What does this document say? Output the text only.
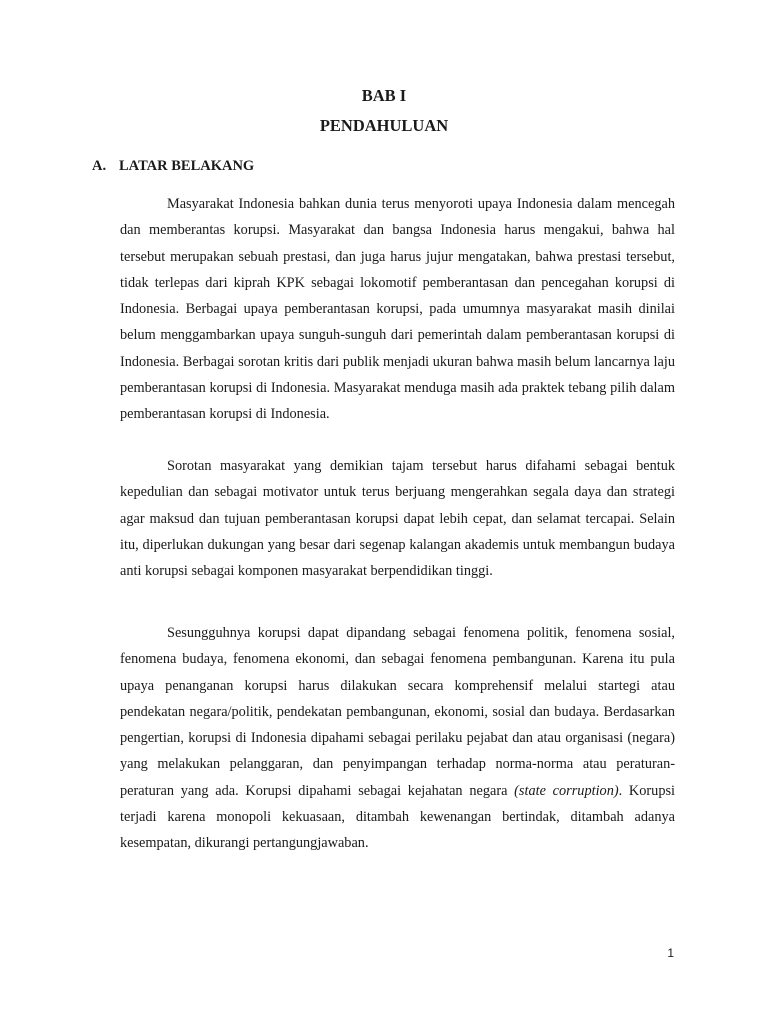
BAB I
PENDAHULUAN
A. LATAR BELAKANG

Masyarakat Indonesia bahkan dunia terus menyoroti upaya Indonesia dalam mencegah dan memberantas korupsi. Masyarakat dan bangsa Indonesia harus mengakui, bahwa hal tersebut merupakan sebuah prestasi, dan juga harus jujur mengatakan, bahwa prestasi tersebut, tidak terlepas dari kiprah KPK sebagai lokomotif pemberantasan dan pencegahan korupsi di Indonesia. Berbagai upaya pemberantasan korupsi, pada umumnya masyarakat masih dinilai belum menggambarkan upaya sunguh-sunguh dari pemerintah dalam pemberantasan korupsi di Indonesia. Berbagai sorotan kritis dari publik menjadi ukuran bahwa masih belum lancarnya laju pemberantasan korupsi di Indonesia. Masyarakat menduga masih ada praktek tebang pilih dalam pemberantasan korupsi di Indonesia.

Sorotan masyarakat yang demikian tajam tersebut harus difahami sebagai bentuk kepedulian dan sebagai motivator untuk terus berjuang mengerahkan segala daya dan strategi agar maksud dan tujuan pemberantasan korupsi dapat lebih cepat, dan selamat tercapai. Selain itu, diperlukan dukungan yang besar dari segenap kalangan akademis untuk membangun budaya anti korupsi sebagai komponen masyarakat berpendidikan tinggi.

Sesungguhnya korupsi dapat dipandang sebagai fenomena politik, fenomena sosial, fenomena budaya, fenomena ekonomi, dan sebagai fenomena pembangunan. Karena itu pula upaya penanganan korupsi harus dilakukan secara komprehensif melalui startegi atau pendekatan negara/politik, pendekatan pembangunan, ekonomi, sosial dan budaya. Berdasarkan pengertian, korupsi di Indonesia dipahami sebagai perilaku pejabat dan atau organisasi (negara) yang melakukan pelanggaran, dan penyimpangan terhadap norma-norma atau peraturan-peraturan yang ada. Korupsi dipahami sebagai kejahatan negara (state corruption). Korupsi terjadi karena monopoli kekuasaan, ditambah kewenangan bertindak, ditambah adanya kesempatan, dikurangi pertangungjawaban.

1
